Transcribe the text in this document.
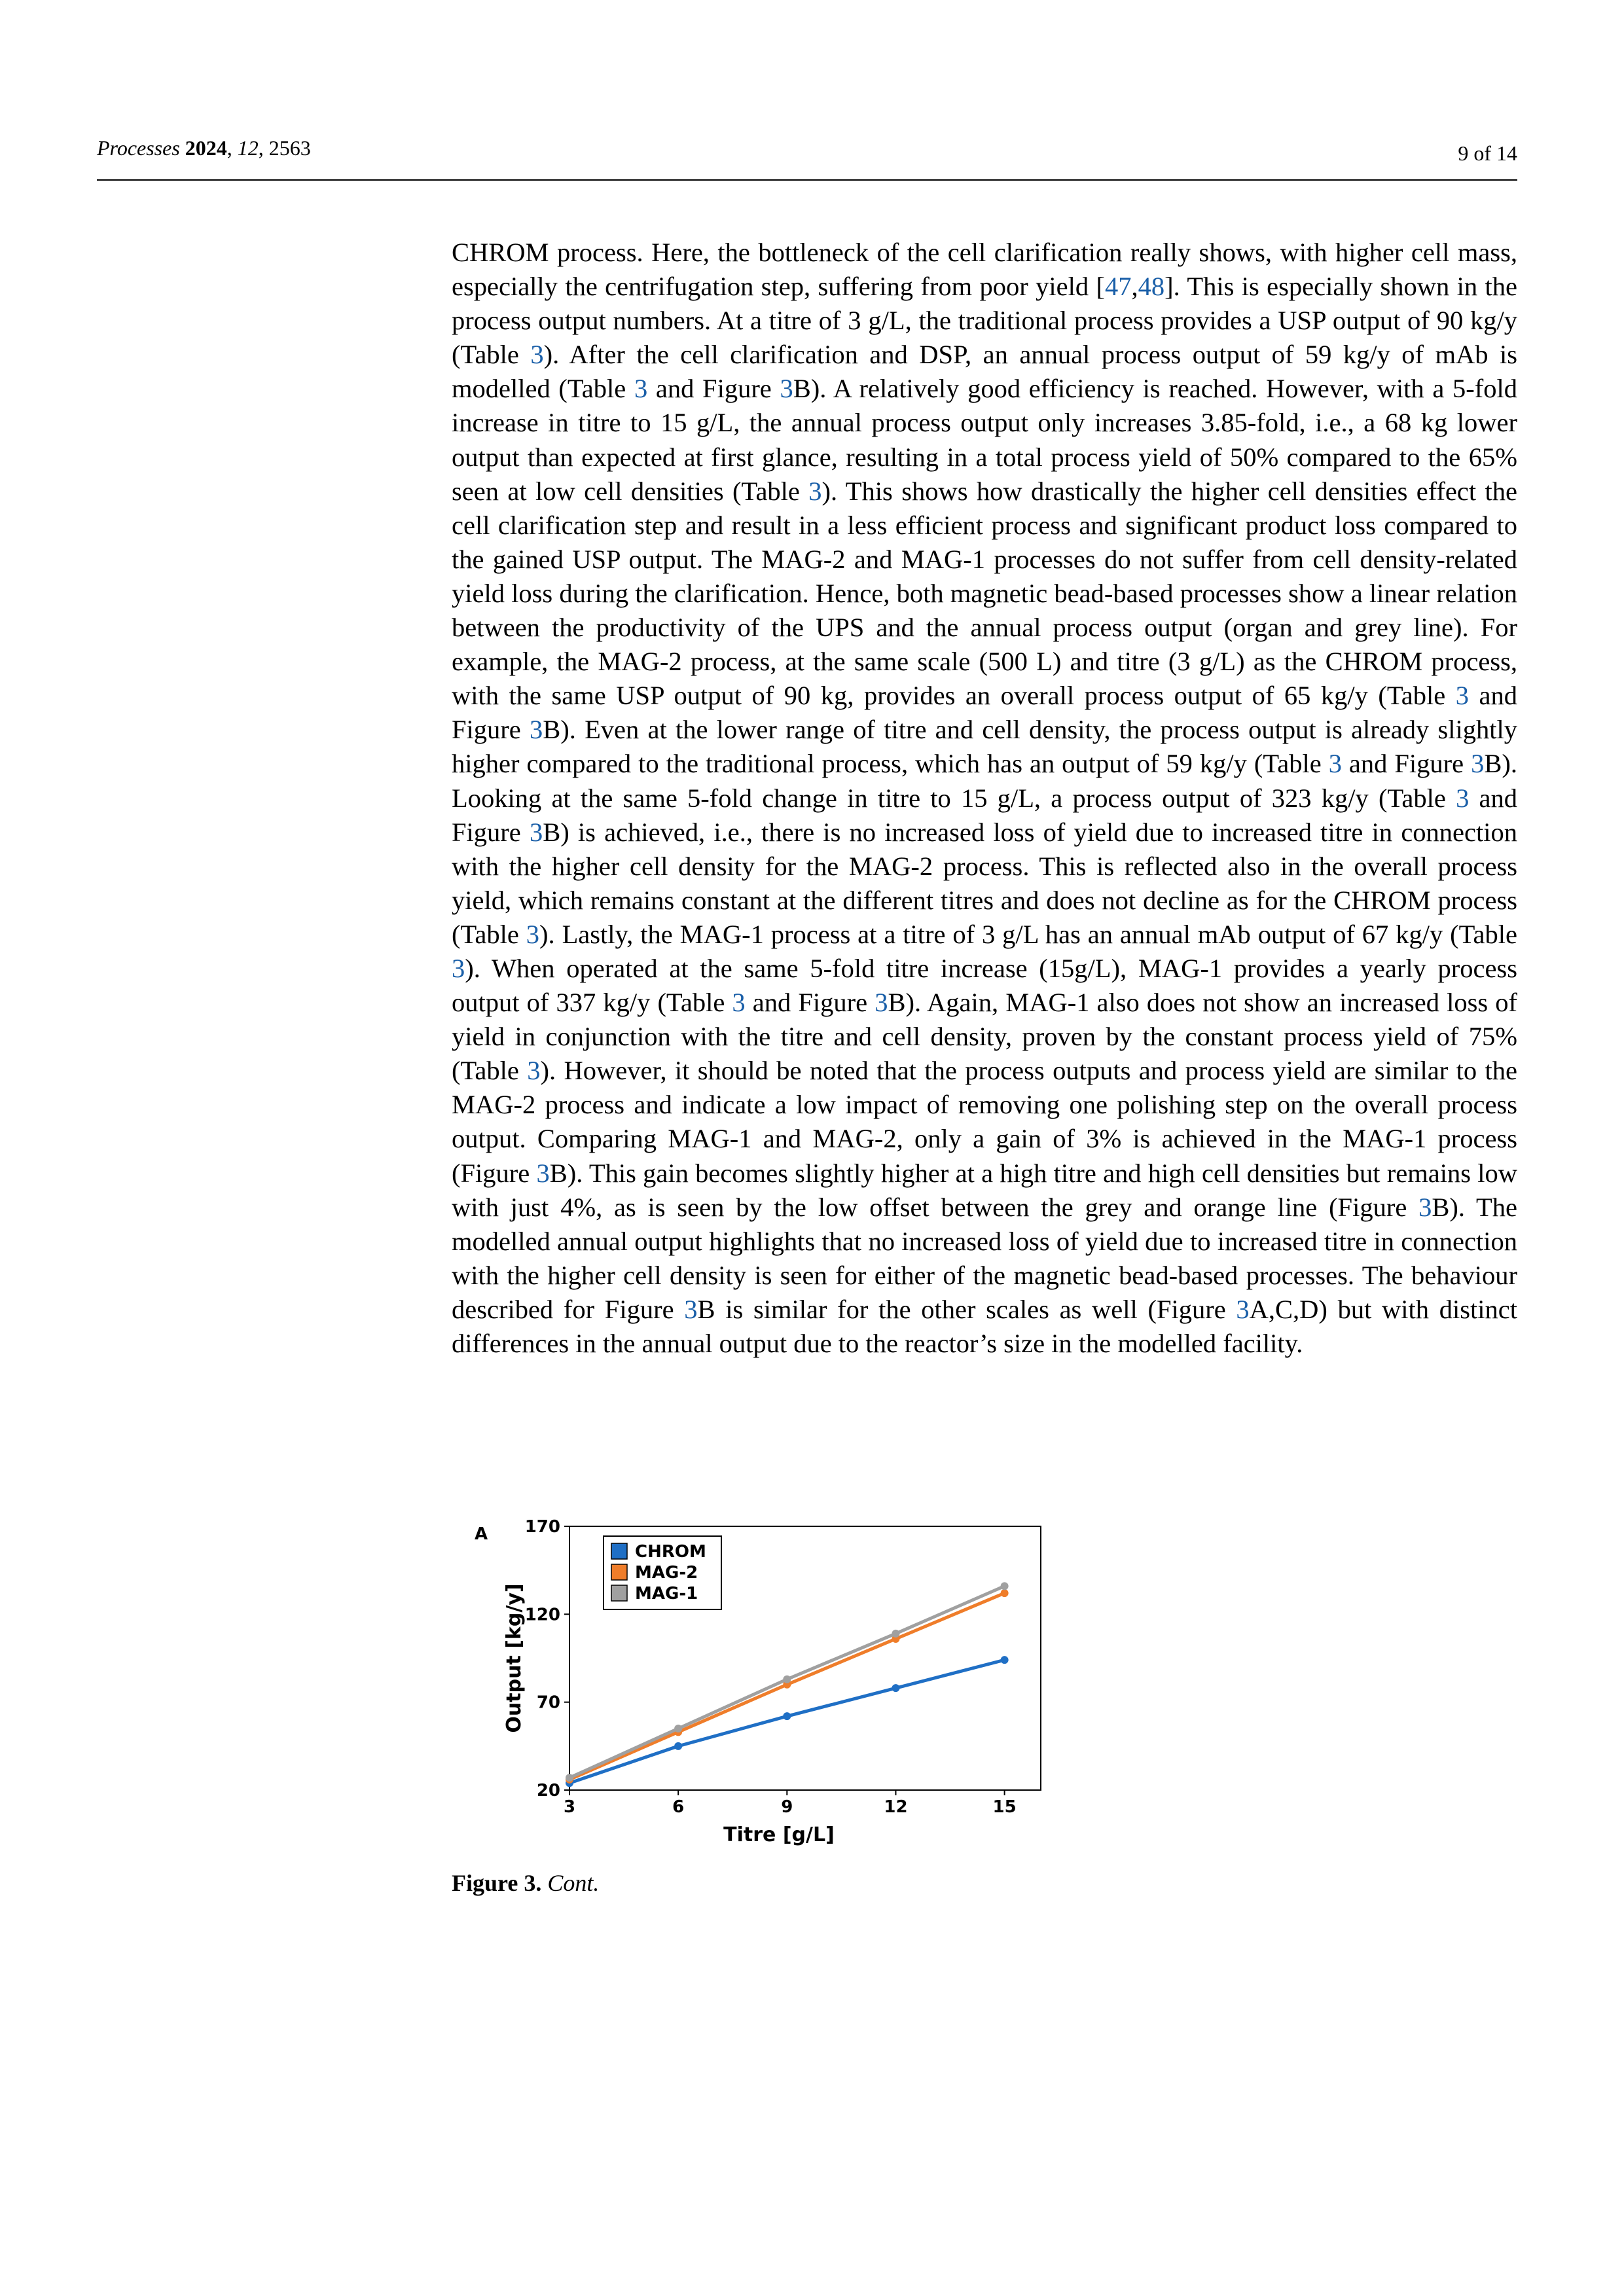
Processes 2024, 12, 2563	9 of 14

CHROM process. Here, the bottleneck of the cell clarification really shows, with higher cell mass, especially the centrifugation step, suffering from poor yield [47,48]. This is especially shown in the process output numbers. At a titre of 3 g/L, the traditional process provides a USP output of 90 kg/y (Table 3). After the cell clarification and DSP, an annual process output of 59 kg/y of mAb is modelled (Table 3 and Figure 3B). A relatively good efficiency is reached. However, with a 5-fold increase in titre to 15 g/L, the annual process output only increases 3.85-fold, i.e., a 68 kg lower output than expected at first glance, resulting in a total process yield of 50% compared to the 65% seen at low cell densities (Table 3). This shows how drastically the higher cell densities effect the cell clarification step and result in a less efficient process and significant product loss compared to the gained USP output. The MAG-2 and MAG-1 processes do not suffer from cell density-related yield loss during the clarification. Hence, both magnetic bead-based processes show a linear relation between the productivity of the UPS and the annual process output (organ and grey line). For example, the MAG-2 process, at the same scale (500 L) and titre (3 g/L) as the CHROM process, with the same USP output of 90 kg, provides an overall process output of 65 kg/y (Table 3 and Figure 3B). Even at the lower range of titre and cell density, the process output is already slightly higher compared to the traditional process, which has an output of 59 kg/y (Table 3 and Figure 3B). Looking at the same 5-fold change in titre to 15 g/L, a process output of 323 kg/y (Table 3 and Figure 3B) is achieved, i.e., there is no increased loss of yield due to increased titre in connection with the higher cell density for the MAG-2 process. This is reflected also in the overall process yield, which remains constant at the different titres and does not decline as for the CHROM process (Table 3). Lastly, the MAG-1 process at a titre of 3 g/L has an annual mAb output of 67 kg/y (Table 3). When operated at the same 5-fold titre increase (15g/L), MAG-1 provides a yearly process output of 337 kg/y (Table 3 and Figure 3B). Again, MAG-1 also does not show an increased loss of yield in conjunction with the titre and cell density, proven by the constant process yield of 75% (Table 3). However, it should be noted that the process outputs and process yield are similar to the MAG-2 process and indicate a low impact of removing one polishing step on the overall process output. Comparing MAG-1 and MAG-2, only a gain of 3% is achieved in the MAG-1 process (Figure 3B). This gain becomes slightly higher at a high titre and high cell densities but remains low with just 4%, as is seen by the low offset between the grey and orange line (Figure 3B). The modelled annual output highlights that no increased loss of yield due to increased titre in connection with the higher cell density is seen for either of the magnetic bead-based processes. The behaviour described for Figure 3B is similar for the other scales as well (Figure 3A,C,D) but with distinct differences in the annual output due to the reactor’s size in the modelled facility.

A
20
70
120
170
3	6	9	12	15
Titre [g/L]
Output [kg/y]
CHROM
MAG-2
MAG-1
Figure 3. Cont.
